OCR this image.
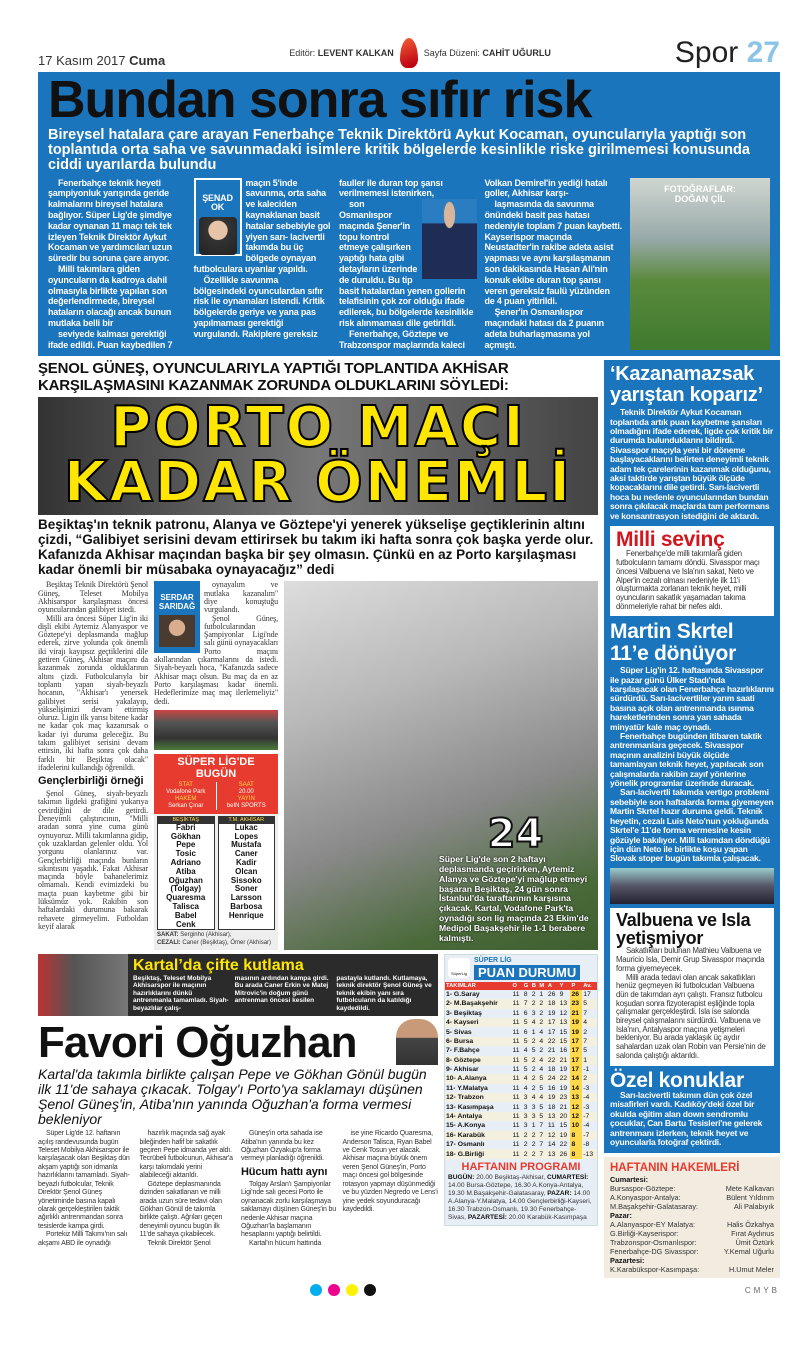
17 Kasım 2017 Cuma	Editör: LEVENT KALKAN	Sayfa Düzeni: CAHİT UĞURLU	Spor 27
Bundan sonra sıfır risk
Bireysel hatalara çare arayan Fenerbahçe Teknik Direktörü Aykut Kocaman, oyuncularıyla yaptığı son toplantıda orta saha ve savunmadaki isimlere kritik bölgelerde kesinlikle riske girilmemesi konusunda ciddi uyarılarda bulundu

Fenerbahçe teknik heyeti şampiyonluk yarışında geride kalmalarını bireysel hatalara bağlıyor. Süper Lig'de şimdiye kadar oynanan 11 maçı tek tek izleyen Teknik Direktör Aykut Kocaman ve yardımcıları uzun süredir bu soruna çare arıyor.

Milli takımlara giden oyuncuların da kadroya dahil olmasıyla birlikte yapılan son değerlendirmede, bireysel hataların olacağı ancak bunun mutlaka belli bir

ŞENAD OK

seviyede kalması gerektiği ifade edildi. Puan kaybedilen 7 maçın 5'inde savunma, orta saha ve kaleciden kaynaklanan basit hatalar sebebiyle gol yiyen sarı- lacivertli takımda bu üç bölgede oynayan futbolculara uyarılar yapıldı.

Özellikle savunma bölgesindeki oyunculardan sıfır risk ile oynamaları istendi. Kritik bölgelerde geriye ve yana pas yapılmaması gerektiği vurgulandı. Rakiplere gereksiz fauller ile duran top şansı verilmemesi istenirken,

son Osmanlıspor maçında Şener'in topu kontrol etmeye çalışırken yaptığı hata gibi detayların üzerinde de duruldu. Bu tip basit hatalardan yenen gollerin telafisinin çok zor olduğu ifade edilerek, bu bölgelerde kesinlikle risk alınmaması dile getirildi.

Fenerbahçe, Göztepe ve Trabzonspor maçlarında kaleci Volkan Demirel'in yediği hatalı goller, Akhisar karşı-

laşmasında da savunma önündeki basit pas hatası nedeniyle toplam 7 puan kaybetti. Kayserispor maçında Neustadter'in rakibe adeta asist yapması ve aynı karşılaşmanın son dakikasında Hasan Ali'nin konuk ekibe duran top şansı veren gereksiz faulü yüzünden de 4 puan yitirildi.

Şener'in Osmanlıspor maçındaki hatası da 2 puanın adeta buharlaşmasına yol açmıştı.

FOTOĞRAFLAR:
DOĞAN ÇİL
ŞENOL GÜNEŞ, OYUNCULARIYLA YAPTIĞI TOPLANTIDA AKHİSAR KARŞILAŞMASINI KAZANMAK ZORUNDA OLDUKLARINI SÖYLEDİ:
PORTO MAÇI
KADAR ÖNEMLİ
Beşiktaş'ın teknik patronu, Alanya ve Göztepe'yi yenerek yükselişe geçtiklerinin altını çizdi, “Galibiyet serisini devam ettirirsek bu takım iki hafta sonra çok başka yerde olur. Kafanızda Akhisar maçından başka bir şey olmasın. Çünkü en az Porto karşılaşması kadar önemli bir müsabaka oynayacağız” dedi

Beşiktaş Teknik Direktörü Şenol Güneş, Teleset Mobilya Akhisarspor karşılaşması öncesi oyuncularından galibiyet istedi.

Milli ara öncesi Süper Lig'in iki dişli ekibi Aytemiz Alanyaspor ve Göztepe'yi deplasmanda mağlup ederek, zirve yolunda çok önemli iki virajı kayıpsız geçtiklerini dile getiren Güneş, Akhisar maçını da kazanmak zorunda olduklarının altını çizdi. Futbolcularıyla bir toplantı yapan siyah-beyazlı hocanın, "Akhisar'ı yenersek galibiyet serisi yakalayıp, yükselişimizi devam ettirmiş oluruz. Ligin ilk yarısı bitene kadar ne kadar çok maç kazanırsak o kadar iyi duruma geleceğiz. Bu takım galibiyet serisini devam ettirsin, iki hafta sonra çok daha farklı bir Beşiktaş olacak" ifadelerini kullandığı öğrenildi.

Gençlerbirliği örneği

Şenol Güneş, siyah-beyazlı takımın ligdeki grafiğini yukarıya çevirdiğini de dile getirdi. Deneyimli çalıştırıcının, "Milli aradan sonra yine cuma günü oynuyoruz. Milli takımlarına gidip, çok uzaklardan gelenler oldu. Yol yorgunu olanlarınız var. Gençlerbirliği maçında bunların sıkıntısını yaşadık. Fakat Akhisar maçında böyle bahanelerimiz olmamalı. Kendi evimizdeki bu maçta puan kaybetme gibi bir lüksümüz yok. Rakibin son haftalardaki durumuna bakarak rehavete girmeyelim. Futboldan keyif alarak

SERDAR SARIDAĞ

oynayalım ve mutlaka kazanalım" diye konuştuğu vurgulandı.

Şenol Güneş, futbolcularından Şampiyonlar Ligi'nde salı günü oynayacakları Porto maçını akıllarından çıkarmalarını da istedi. Siyah-beyazlı hoca, "Kafanızda sadece Akhisar maçı olsun. Bu maç da en az Porto karşılaşması kadar önemli. Hedeflerimize maç maç ilerlemeliyiz" dedi.

SÜPER LİG'DE
BUGÜN
STAT
Vodafone Park
HAKEM
Serkan Çınar
SAAT
20.00
YAYIN
beIN SPORTS
BEŞİKTAŞ
Fabri
Gökhan
Pepe
Tosic
Adriano
Atiba
Oğuzhan
(Tolgay)
Quaresma
Talisca
Babel
Cenk
T.M. AKHİSAR
Lukac
Lopes
Mustafa
Caner
Kadir
Olcan
Sissoko
Soner
Larsson
Barbosa
Henrique
SAKAT: Serginho (Akhisar),
CEZALI: Caner (Beşiktaş), Ömer (Akhisar)
24
Süper Lig'de son 2 haftayı deplasmanda geçirirken, Aytemiz Alanya ve Göztepe'yi mağlup etmeyi başaran Beşiktaş, 24 gün sonra İstanbul'da taraftarının karşısına çıkacak. Kartal, Vodafone Park'ta oynadığı son lig maçında 23 Ekim'de Medipol Başakşehir ile 1-1 berabere kalmıştı.
Kartal’da çifte kutlama
Beşiktaş, Teleset Mobilya Akhisarspor ile maçının hazırlıklarını dünkü antrenmanla tamamladı. Siyah-beyazlılar çalış-
masının ardından kampa girdi. Bu arada Caner Erkin ve Matej Mitrovic'in doğum günü antrenman öncesi kesilen
pastayla kutlandı. Kutlamaya, teknik direktör Şenol Güneş ve teknik ekibin yanı sıra futbolcuların da katıldığı kaydedildi.
Favori Oğuzhan
Kartal'da takımla birlikte çalışan Pepe ve Gökhan Gönül bugün ilk 11'de sahaya çıkacak. Tolgay'ı Porto'ya saklamayı düşünen Şenol Güneş'in, Atiba'nın yanında Oğuzhan'a forma vermesi bekleniyor

Süper Lig'de 12. haftanın açılış randevusunda bugün Teleset Mobilya Akhisarspor ile karşılaşacak olan Beşiktaş dün akşam yaptığı son idmanla hazırlıklarını tamamladı. Siyah-beyazlı futbolcular, Teknik Direktör Şenol Güneş yönetiminde basına kapalı olarak gerçekleştirilen taktik ağırlıklı antrenmandan sonra tesislerde kampa girdi.

Portekiz Milli Takımı'nın salı akşamı ABD ile oynadığı

hazırlık maçında sağ ayak bileğinden hafif bir sakatlık geçiren Pepe idmanda yer aldı. Tecrübeli futbolcunun, Akhisar'a karşı takımdaki yerini alabileceği aktarıldı.

Göztepe deplasmanında dizinden sakatlanan ve milli arada uzun süre tedavi olan Gökhan Gönül de takımla birlikte çalıştı. Ağrıları geçen deneyimli oyuncu bugün ilk 11'de sahaya çıkabilecek.

Teknik Direktör Şenol

Güneş'in orta sahada ise Atiba'nın yanında bu kez Oğuzhan Özyakup'a forma vermeyi planladığı öğrenildi.

Hücum hattı aynı

Tolgay Arslan'ı Şampiyonlar Ligi'nde salı gecesi Porto ile oynanacak zorlu karşılaşmaya saklamayı düşünen Güneş'in bu nedenle Akhisar maçına Oğuzhan'la başlamanın hesaplarını yaptığı belirtildi.

Kartal'ın hücum hattında

ise yine Ricardo Quaresma, Anderson Talisca, Ryan Babel ve Cenk Tosun yer alacak. Akhisar maçına büyük önem veren Şenol Güneş'in, Porto maçı öncesi gol bölgesinde rotasyon yapmayı düşünmediği ve bu yüzden Negredo ve Lens'i yine yedek soyunduracağı kaydedildi.

SüperLig
SÜPER LİG
PUAN DURUMU
TAKIMLAR	O	G	B	M	A	Y	P	Av.
1- G.Saray	11	8	2	1	26	9	26	17
2- M.Başakşehir	11	7	2	2	18	13	23	5
3- Beşiktaş	11	6	3	2	19	12	21	7
4- Kayseri	11	5	4	2	17	13	19	4
5- Sivas	11	6	1	4	17	15	19	2
6- Bursa	11	5	2	4	22	15	17	7
7- F.Bahçe	11	4	5	2	21	16	17	5
8- Göztepe	11	5	2	4	22	21	17	1
9- Akhisar	11	5	2	4	18	19	17	-1
10- A.Alanya	11	4	2	5	24	22	14	2
11- Y.Malatya	11	4	2	5	16	19	14	-3
12- Trabzon	11	3	4	4	19	23	13	-4
13- Kasımpaşa	11	3	3	5	18	21	12	-3
14- Antalya	11	3	3	5	13	20	12	-7
15- A.Konya	11	3	1	7	11	15	10	-4
16- Karabük	11	2	2	7	12	19	8	-7
17- Osmanlı	11	2	2	7	14	22	8	-8
18- G.Birliği	11	2	2	7	13	26	8	-13
HAFTANIN PROGRAMI
BUGÜN: 20.00 Beşiktaş-Akhisar, CUMARTESİ: 14.00 Bursa-Göztepe, 16.30 A.Konya-Antalya, 19.30 M.Başakşehir-Galatasaray, PAZAR: 14.00 A.Alanya-Y.Malatya, 14.00 Gençlerbirliği-Kayseri, 16.30 Trabzon-Osmanlı, 19.30 Fenerbahçe-Sivas, PAZARTESİ: 20.00 Karabük-Kasımpaşa
‘Kazanamazsak yarıştan koparız’

Teknik Direktör Aykut Kocaman toplantıda artık puan kaybetme şansları olmadığını ifade ederek, ligde çok kritik bir durumda bulunduklarını bildirdi. Sivasspor maçıyla yeni bir döneme başlayacaklarını belirten deneyimli teknik adam tek çarelerinin kazanmak olduğunu, aksi taktirde yarıştan büyük ölçüde kopacaklarını dile getirdi. Sarı-lacivertli hoca bu nedenle oyuncularından bundan sonra çıkılacak maçlarda tam performans ve konsantrasyon istediğini de aktardı.

Milli sevinç

Fenerbahçe'de milli takımlara giden futbolcuların tamamı döndü. Sivasspor maçı öncesi Valbuena ve Isla'nın sakat, Neto ve Alper'in cezalı olması nedeniyle ilk 11'i oluşturmakta zorlanan teknik heyet, milli oyuncuların sakatlık yaşamadan takıma dönmeleriyle rahat bir nefes aldı.

Martin Skrtel 11’e dönüyor

Süper Lig'in 12. haftasında Sivasspor ile pazar günü Ülker Stadı'nda karşılaşacak olan Fenerbahçe hazırlıklarını sürdürdü. Sarı-lacivertliler yarım saati basına açık olan antrenmanda ısınma hareketlerinden sonra yarı sahada minyatür kale maç oynadı.

Fenerbahçe bugünden itibaren taktik antrenmanlara geçecek. Sivasspor maçının analizini büyük ölçüde tamamlayan teknik heyet, yapılacak son çalışmalarda rakibin zayıf yönlerine yönelik programlar üzerinde duracak.

Sarı-lacivertli takımda vertigo problemi sebebiyle son haftalarda forma giyemeyen Martin Skrtel hazır duruma geldi. Teknik heyetin, cezalı Luis Neto'nun yokluğunda Skrtel'e 11'de forma vermesine kesin gözüyle bakılıyor. Milli takımdan döndüğü için dün Neto ile birlikte koşu yapan Slovak stoper bugün takımla çalışacak.

Valbuena ve Isla yetişmiyor

Sakatlıkları bulunan Mathieu Valbuena ve Mauricio Isla, Demir Grup Sivasspor maçında forma giyemeyecek.

Milli arada tedavi olan ancak sakatlıkları henüz geçmeyen iki futbolcudan Valbuena dün de takımdan ayrı çalıştı. Fransız futbolcu koşudan sonra fizyoterapist eşliğinde topla çalışmalar gerçekleştirdi. Isla ise salonda bireysel çalışmalarını sürdürdü. Valbuena ve Isla'nın, Antalyaspor maçına yetişmeleri bekleniyor. Bu arada yaklaşık üç aydır sahalardan uzak olan Robin van Persie'nin de salonda çalıştığı aktarıldı.

Özel konuklar

Sarı-lacivertli takımın dün çok özel misafirleri vardı. Kadıköy'deki özel bir okulda eğitim alan down sendromlu çocuklar, Can Bartu Tesisleri'ne gelerek antrenmanı izlerken, teknik heyet ve oyuncularla fotoğraf çektirdi.

HAFTANIN HAKEMLERİ
Cumartesi:
Bursaspor-Göztepe:	Mete Kalkavan
A.Konyaspor-Antalya:	Bülent Yıldırım
M.Başakşehir-Galatasaray:	Ali Palabıyık
Pazar:
A.Alanyaspor-EY Malatya:	Halis Özkahya
G.Birliği-Kayserispor:	Fırat Aydınus
Trabzonspor-Osmanlıspor:	Ümit Öztürk
Fenerbahçe-DG Sivasspor:	Y.Kemal Uğurlu
Pazartesi:
K.Karabükspor-Kasımpaşa:	H.Umut Meler
CMYB
